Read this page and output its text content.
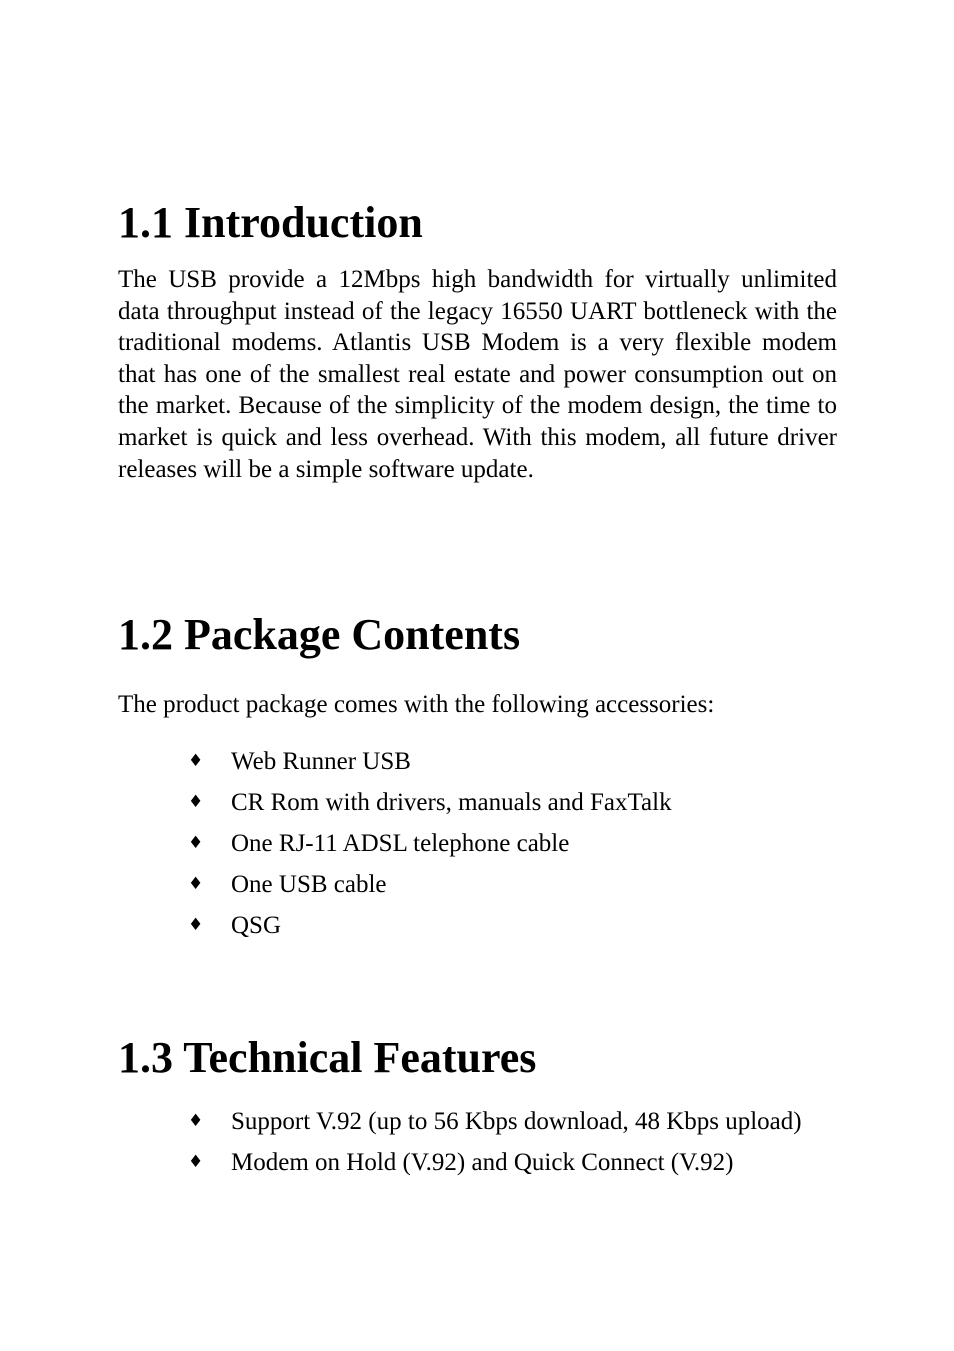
1.1 Introduction

The USB provide a 12Mbps high bandwidth for virtually unlimited data throughput instead of the legacy 16550 UART bottleneck with the traditional modems. Atlantis USB Modem is a very flexible modem that has one of the smallest real estate and power consumption out on the market. Because of the simplicity of the modem design, the time to market is quick and less overhead. With this modem, all future driver releases will be a simple software update.

1.2 Package Contents

The product package comes with the following accessories:

♦ Web Runner USB
♦ CR Rom with drivers, manuals and FaxTalk
♦ One RJ-11 ADSL telephone cable
♦ One USB cable
♦ QSG
1.3 Technical Features
♦ Support V.92 (up to 56 Kbps download, 48 Kbps upload)
♦ Modem on Hold (V.92) and Quick Connect (V.92)
